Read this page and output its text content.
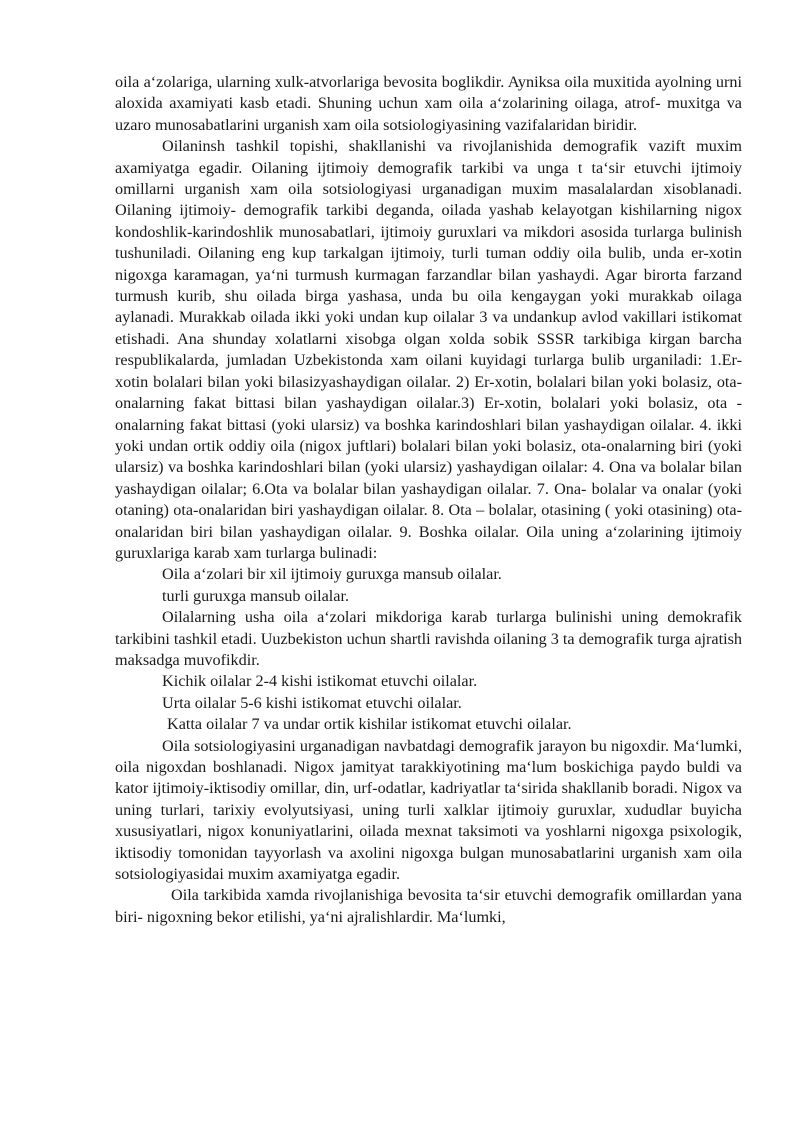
oila a‘zolariga, ularning xulk-atvorlariga bevosita boglikdir. Ayniksa oila muxitida ayolning urni aloxida axamiyati kasb etadi. Shuning uchun xam oila a‘zolarining oilaga, atrof- muxitga va uzaro munosabatlarini urganish xam oila sotsiologiyasining vazifalaridan biridir.

Oilaninsh tashkil topishi, shakllanishi va rivojlanishida demografik vazift muxim axamiyatga egadir. Oilaning ijtimoiy demografik tarkibi va unga t ta‘sir etuvchi ijtimoiy omillarni urganish xam oila sotsiologiyasi urganadigan muxim masalalardan xisoblanadi. Oilaning ijtimoiy- demografik tarkibi deganda, oilada yashab kelayotgan kishilarning nigox kondoshlik-karindoshlik munosabatlari, ijtimoiy guruxlari va mikdori asosida turlarga bulinish tushuniladi. Oilaning eng kup tarkalgan ijtimoiy, turli tuman oddiy oila bulib, unda er-xotin nigoxga karamagan, ya‘ni turmush kurmagan farzandlar bilan yashaydi. Agar birorta farzand turmush kurib, shu oilada birga yashasa, unda bu oila kengaygan yoki murakkab oilaga aylanadi. Murakkab oilada ikki yoki undan kup oilalar 3 va undankup avlod vakillari istikomat etishadi. Ana shunday xolatlarni xisobga olgan xolda sobik SSSR tarkibiga kirgan barcha respublikalarda, jumladan Uzbekistonda xam oilani kuyidagi turlarga bulib urganiladi: 1.Er-xotin bolalari bilan yoki bilasizyashaydigan oilalar. 2) Er-xotin, bolalari bilan yoki bolasiz, ota-onalarning fakat bittasi bilan yashaydigan oilalar.3) Er-xotin, bolalari yoki bolasiz, ota - onalarning fakat bittasi (yoki ularsiz) va boshka karindoshlari bilan yashaydigan oilalar. 4. ikki yoki undan ortik oddiy oila (nigox juftlari) bolalari bilan yoki bolasiz, ota-onalarning biri (yoki ularsiz) va boshka karindoshlari bilan (yoki ularsiz) yashaydigan oilalar: 4. Ona va bolalar bilan yashaydigan oilalar; 6.Ota va bolalar bilan yashaydigan oilalar. 7. Ona- bolalar va onalar (yoki otaning) ota-onalaridan biri yashaydigan oilalar. 8. Ota – bolalar, otasining ( yoki otasining) ota-onalaridan biri bilan yashaydigan oilalar. 9. Boshka oilalar. Oila uning a‘zolarining ijtimoiy guruxlariga karab xam turlarga bulinadi:

Oila a‘zolari bir xil ijtimoiy guruxga mansub oilalar.

turli guruxga mansub oilalar.

Oilalarning usha oila a‘zolari mikdoriga karab turlarga bulinishi uning demokrafik tarkibini tashkil etadi. Uuzbekiston uchun shartli ravishda oilaning 3 ta demografik turga ajratish maksadga muvofikdir.

Kichik oilalar 2-4 kishi istikomat etuvchi oilalar.

Urta oilalar 5-6 kishi istikomat etuvchi oilalar.

Katta oilalar 7 va undar ortik kishilar istikomat etuvchi oilalar.

Oila sotsiologiyasini urganadigan navbatdagi demografik jarayon bu nigoxdir. Ma‘lumki, oila nigoxdan boshlanadi. Nigox jamityat tarakkiyotining ma‘lum boskichiga paydo buldi va kator ijtimoiy-iktisodiy omillar, din, urf-odatlar, kadriyatlar ta‘sirida shakllanib boradi. Nigox va uning turlari, tarixiy evolyutsiyasi, uning turli xalklar ijtimoiy guruxlar, xududlar buyicha xususiyatlari, nigox konuniyatlarini, oilada mexnat taksimoti va yoshlarni nigoxga psixologik, iktisodiy tomonidan tayyorlash va axolini nigoxga bulgan munosabatlarini urganish xam oila sotsiologiyasidai muxim axamiyatga egadir.

Oila tarkibida xamda rivojlanishiga bevosita ta‘sir etuvchi demografik omillardan yana biri- nigoxning bekor etilishi, ya‘ni ajralishlardir. Ma‘lumki,
